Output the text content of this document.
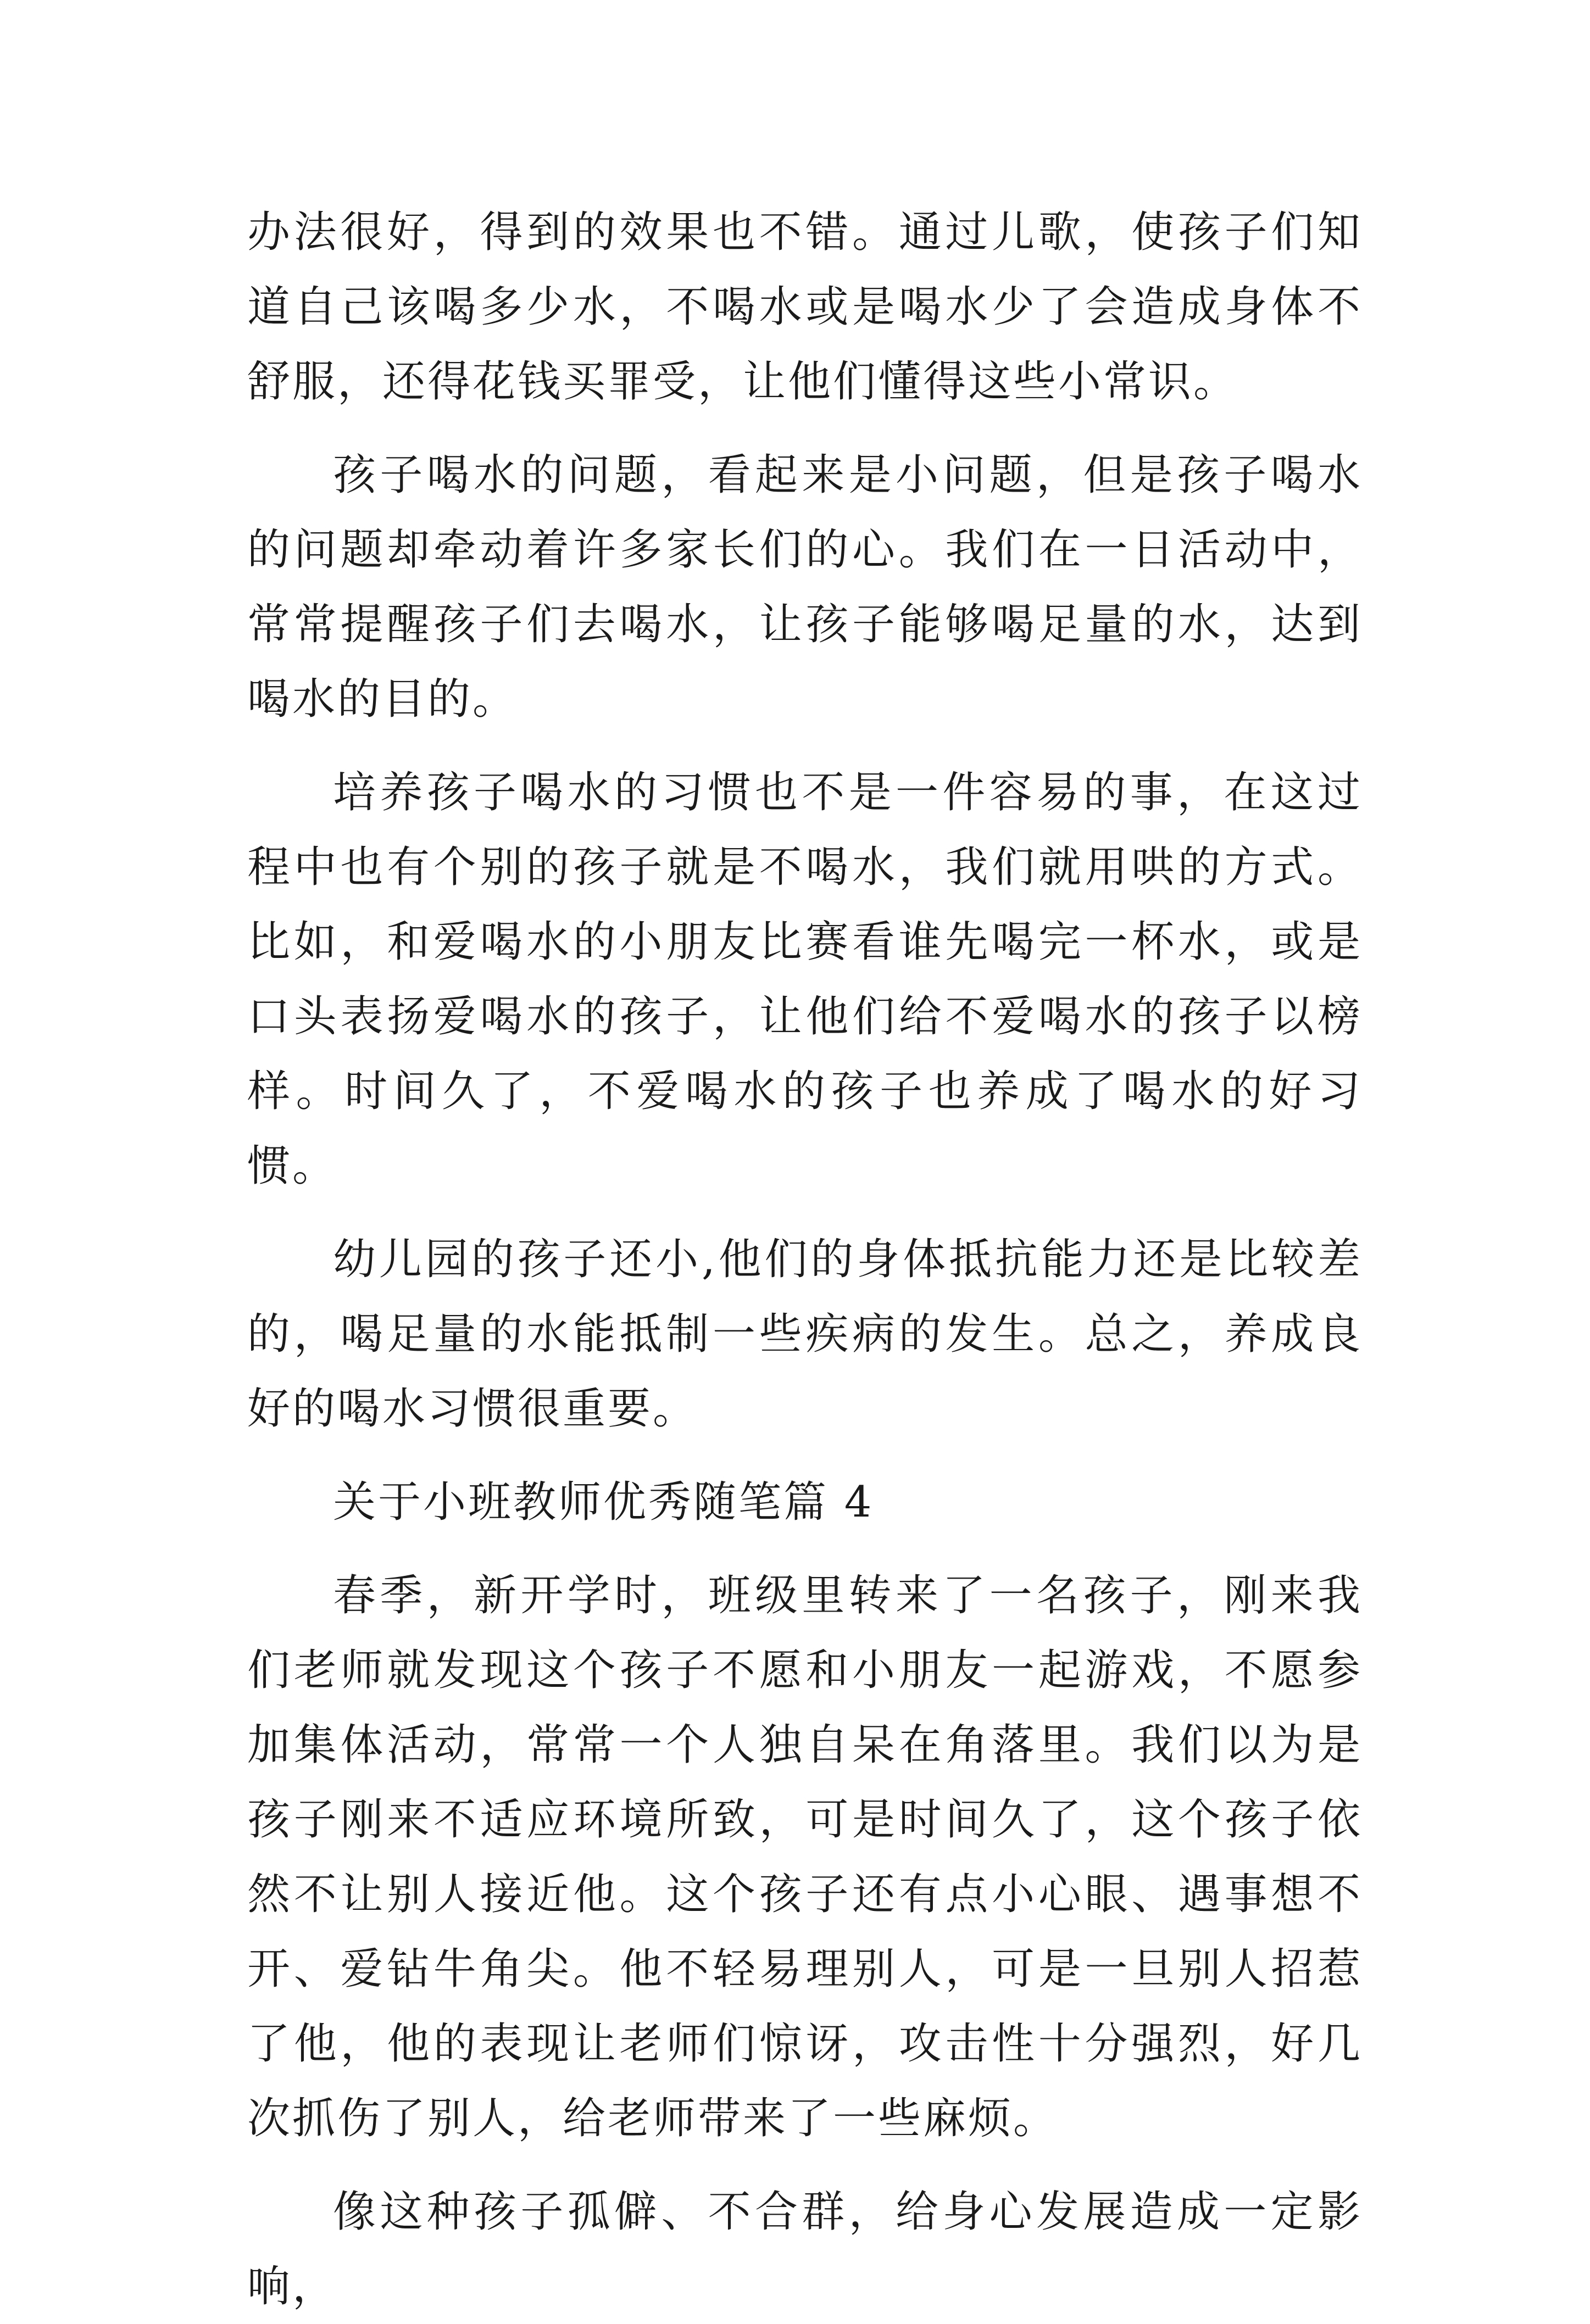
办法很好，得到的效果也不错。通过儿歌，使孩子们知道自己该喝多少水，不喝水或是喝水少了会造成身体不舒服，还得花钱买罪受，让他们懂得这些小常识。

孩子喝水的问题，看起来是小问题，但是孩子喝水的问题却牵动着许多家长们的心。我们在一日活动中，常常提醒孩子们去喝水，让孩子能够喝足量的水，达到喝水的目的。

培养孩子喝水的习惯也不是一件容易的事，在这过程中也有个别的孩子就是不喝水，我们就用哄的方式。比如，和爱喝水的小朋友比赛看谁先喝完一杯水，或是口头表扬爱喝水的孩子，让他们给不爱喝水的孩子以榜样。时间久了，不爱喝水的孩子也养成了喝水的好习惯。

幼儿园的孩子还小,他们的身体抵抗能力还是比较差的，喝足量的水能抵制一些疾病的发生。总之，养成良好的喝水习惯很重要。

关于小班教师优秀随笔篇 4

春季，新开学时，班级里转来了一名孩子，刚来我们老师就发现这个孩子不愿和小朋友一起游戏，不愿参加集体活动，常常一个人独自呆在角落里。我们以为是孩子刚来不适应环境所致，可是时间久了，这个孩子依然不让别人接近他。这个孩子还有点小心眼、遇事想不开、爱钻牛角尖。他不轻易理别人，可是一旦别人招惹了他，他的表现让老师们惊讶，攻击性十分强烈，好几次抓伤了别人，给老师带来了一些麻烦。

像这种孩子孤僻、不合群，给身心发展造成一定影响，
